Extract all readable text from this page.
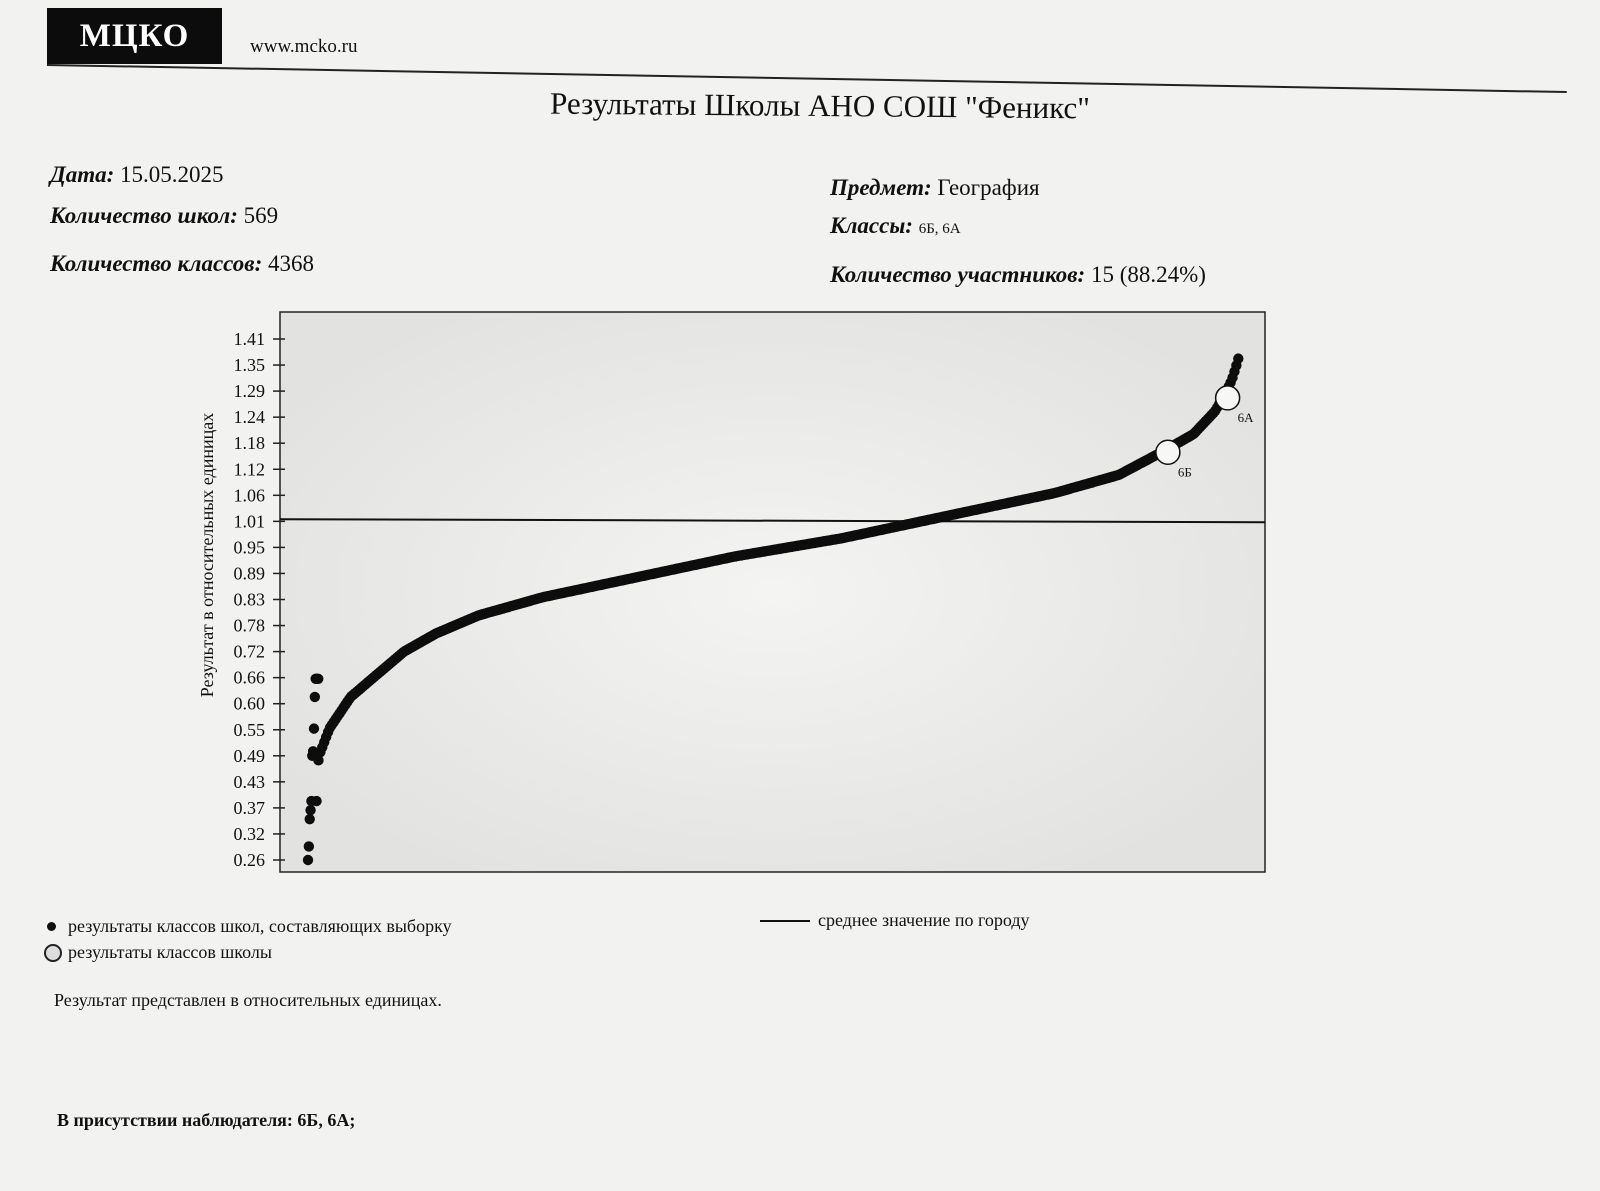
МЦКО	www.mcko.ru
Результаты Школы АНО СОШ "Феникс"
Дата: 15.05.2025
Количество школ: 569
Количество классов: 4368
Предмет: География
Классы: 6Б, 6А
Количество участников: 15 (88.24%)
Результат в относительных единицах
1.41
1.35
1.29
1.24
1.18
1.12
1.06
1.01
0.95
0.89
0.83
0.78
0.72
0.66
0.60
0.55
0.49
0.43
0.37
0.32
0.26
6Б
6А
результаты классов школ, составляющих выборку
результаты классов школы
среднее значение по городу
Результат представлен в относительных единицах.
В присутствии наблюдателя: 6Б, 6А;
